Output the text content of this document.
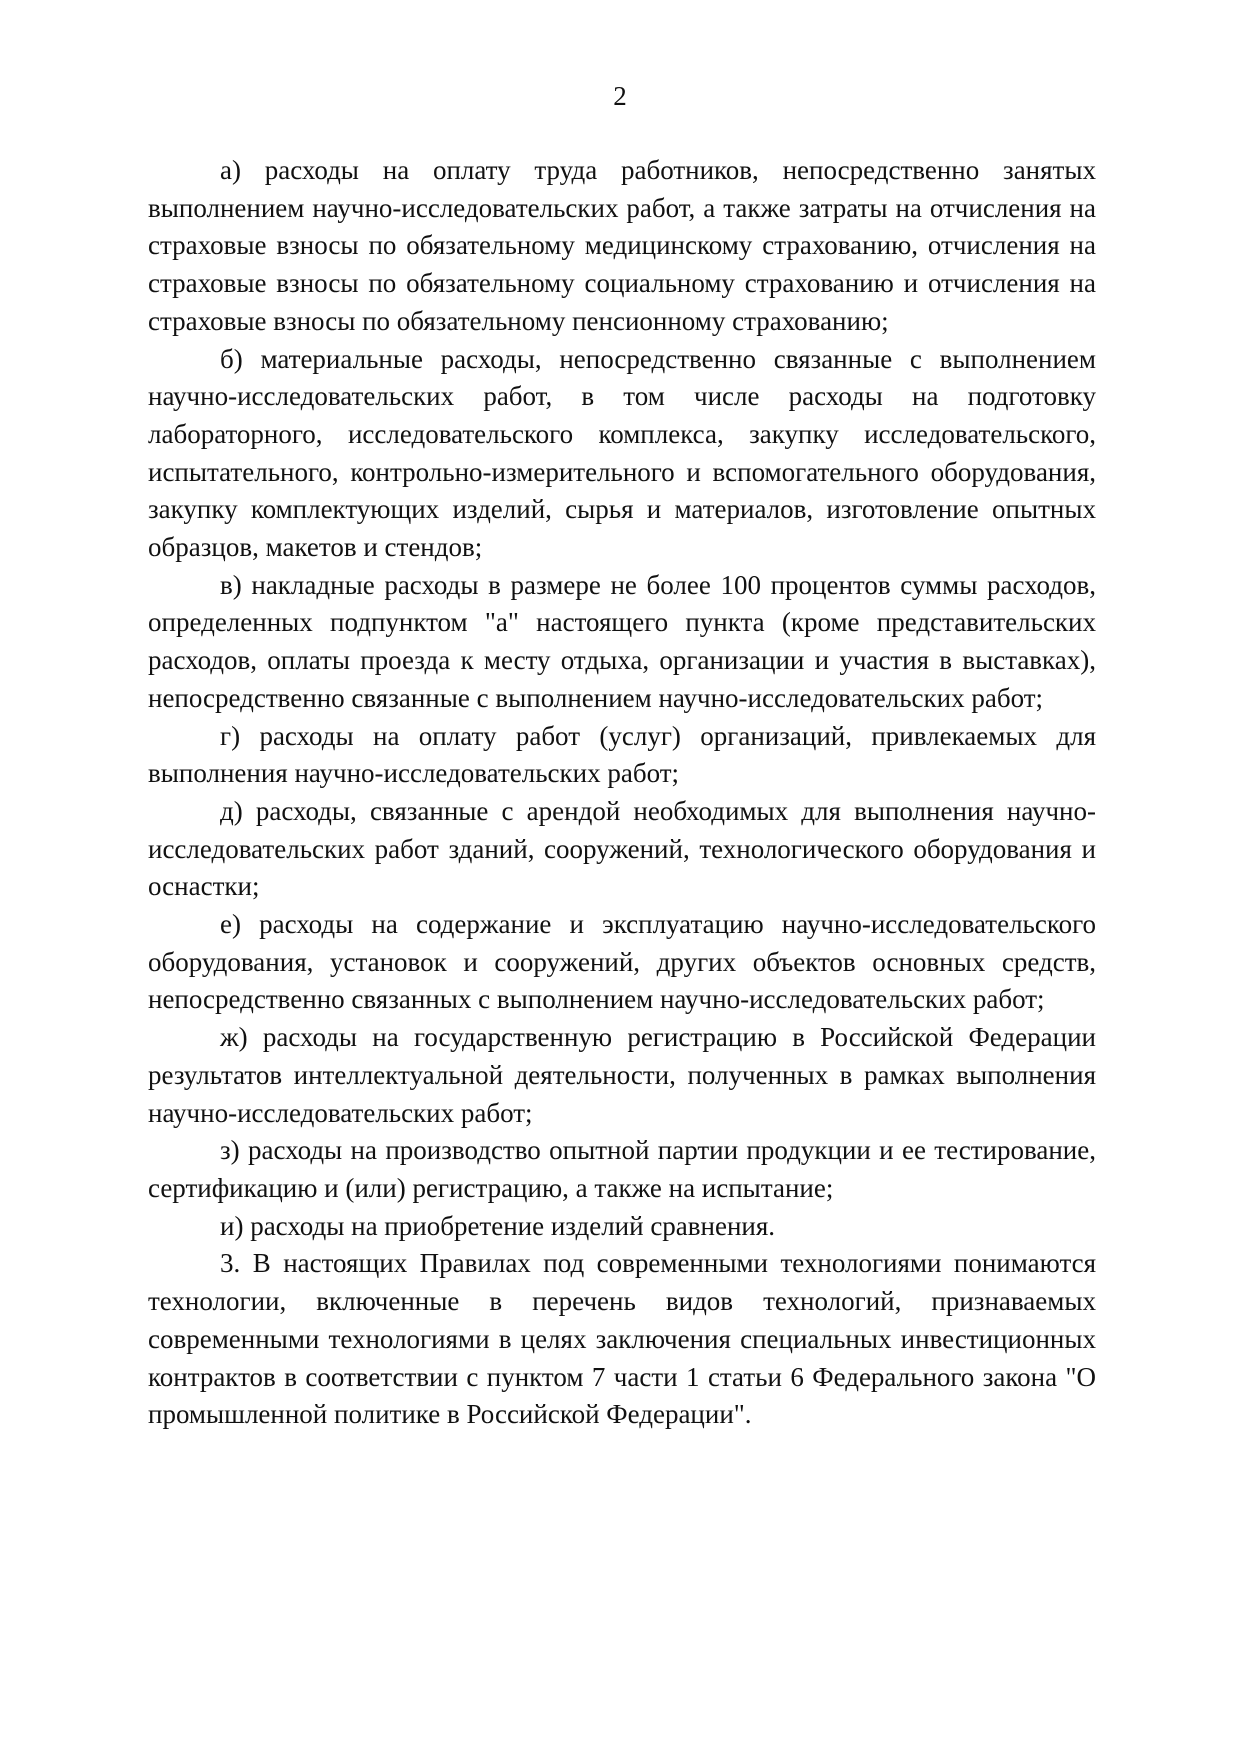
2

а) расходы на оплату труда работников, непосредственно занятых выполнением научно-исследовательских работ, а также затраты на отчисления на страховые взносы по обязательному медицинскому страхованию, отчисления на страховые взносы по обязательному социальному страхованию и отчисления на страховые взносы по обязательному пенсионному страхованию;

б) материальные расходы, непосредственно связанные с выполнением научно-исследовательских работ, в том числе расходы на подготовку лабораторного, исследовательского комплекса, закупку исследовательского, испытательного, контрольно-измерительного и вспомогательного оборудования, закупку комплектующих изделий, сырья и материалов, изготовление опытных образцов, макетов и стендов;

в) накладные расходы в размере не более 100 процентов суммы расходов, определенных подпунктом "а" настоящего пункта (кроме представительских расходов, оплаты проезда к месту отдыха, организации и участия в выставках), непосредственно связанные с выполнением научно-исследовательских работ;

г) расходы на оплату работ (услуг) организаций, привлекаемых для выполнения научно-исследовательских работ;

д) расходы, связанные с арендой необходимых для выполнения научно-исследовательских работ зданий, сооружений, технологического оборудования и оснастки;

е) расходы на содержание и эксплуатацию научно-исследовательского оборудования, установок и сооружений, других объектов основных средств, непосредственно связанных с выполнением научно-исследовательских работ;

ж) расходы на государственную регистрацию в Российской Федерации результатов интеллектуальной деятельности, полученных в рамках выполнения научно-исследовательских работ;

з) расходы на производство опытной партии продукции и ее тестирование, сертификацию и (или) регистрацию, а также на испытание;

и) расходы на приобретение изделий сравнения.

3. В настоящих Правилах под современными технологиями понимаются технологии, включенные в перечень видов технологий, признаваемых современными технологиями в целях заключения специальных инвестиционных контрактов в соответствии с пунктом 7 части 1 статьи 6 Федерального закона "О промышленной политике в Российской Федерации".
